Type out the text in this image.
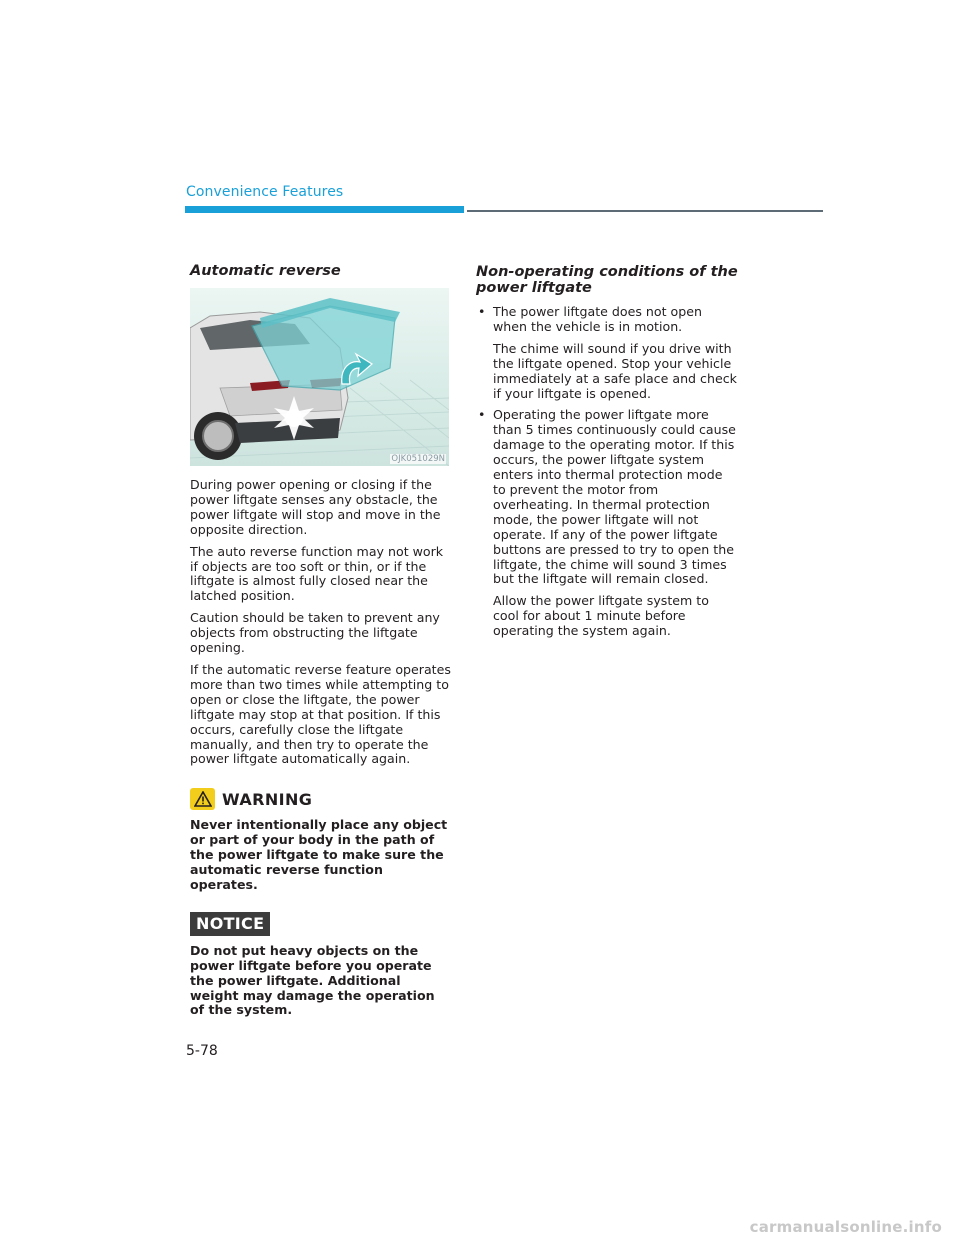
Convenience Features
Automatic reverse
OJK051029N

During power opening or closing if the power liftgate senses any obstacle, the power liftgate will stop and move in the opposite direction.

The auto reverse function may not work if objects are too soft or thin, or if the liftgate is almost fully closed near the latched position.

Caution should be taken to prevent any objects from obstructing the liftgate opening.

If the automatic reverse feature operates more than two times while attempting to open or close the liftgate, the power liftgate may stop at that position. If this occurs, carefully close the liftgate manually, and then try to operate the power liftgate automatically again.

WARNING

Never intentionally place any object or part of your body in the path of the power liftgate to make sure the automatic reverse function operates.

NOTICE

Do not put heavy objects on the power liftgate before you operate the power liftgate. Additional weight may damage the operation of the system.

Non-operating conditions of the power liftgate
• The power liftgate does not open when the vehicle is in motion.

The chime will sound if you drive with the liftgate opened. Stop your vehicle immediately at a safe place and check if your liftgate is opened.

• Operating the power liftgate more than 5 times continuously could cause damage to the operating motor. If this occurs, the power liftgate system enters into thermal protection mode to prevent the motor from overheating. In thermal protection mode, the power liftgate will not operate. If any of the power liftgate buttons are pressed to try to open the liftgate, the chime will sound 3 times but the liftgate will remain closed.

Allow the power liftgate system to cool for about 1 minute before operating the system again.

5-78
carmanualsonline.info
